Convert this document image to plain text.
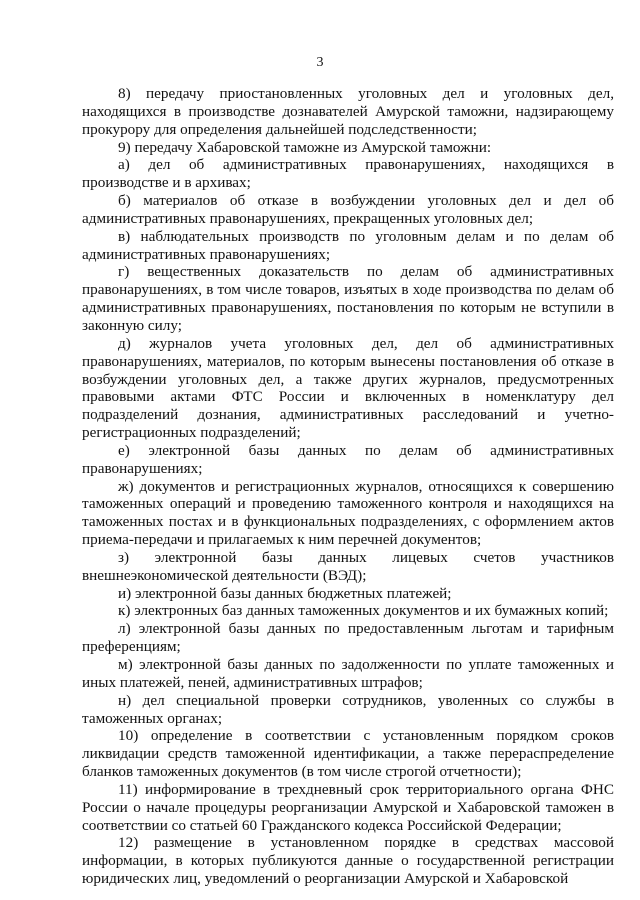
3

8) передачу приостановленных уголовных дел и уголовных дел, находящихся в производстве дознавателей Амурской таможни, надзирающему прокурору для определения дальнейшей подследственности;

9) передачу Хабаровской таможне из Амурской таможни:

а) дел об административных правонарушениях, находящихся в производстве и в архивах;

б) материалов об отказе в возбуждении уголовных дел и дел об административных правонарушениях, прекращенных уголовных дел;

в) наблюдательных производств по уголовным делам и по делам об административных правонарушениях;

г) вещественных доказательств по делам об административных правонарушениях, в том числе товаров, изъятых в ходе производства по делам об административных правонарушениях, постановления по которым не вступили в законную силу;

д) журналов учета уголовных дел, дел об административных правонарушениях, материалов, по которым вынесены постановления об отказе в возбуждении уголовных дел, а также других журналов, предусмотренных правовыми актами ФТС России и включенных в номенклатуру дел подразделений дознания, административных расследований и учетно-регистрационных подразделений;

е) электронной базы данных по делам об административных правонарушениях;

ж) документов и регистрационных журналов, относящихся к совершению таможенных операций и проведению таможенного контроля и находящихся на таможенных постах и в функциональных подразделениях, с оформлением актов приема-передачи и прилагаемых к ним перечней документов;

з) электронной базы данных лицевых счетов участников внешнеэкономической деятельности (ВЭД);

и) электронной базы данных бюджетных платежей;

к) электронных баз данных таможенных документов и их бумажных копий;

л) электронной базы данных по предоставленным льготам и тарифным преференциям;

м) электронной базы данных по задолженности по уплате таможенных и иных платежей, пеней, административных штрафов;

н) дел специальной проверки сотрудников, уволенных со службы в таможенных органах;

10) определение в соответствии с установленным порядком сроков ликвидации средств таможенной идентификации, а также перераспределение бланков таможенных документов (в том числе строгой отчетности);

11) информирование в трехдневный срок территориального органа ФНС России о начале процедуры реорганизации Амурской и Хабаровской таможен в соответствии со статьей 60 Гражданского кодекса Российской Федерации;

12) размещение в установленном порядке в средствах массовой информации, в которых публикуются данные о государственной регистрации юридических лиц, уведомлений о реорганизации Амурской и Хабаровской
